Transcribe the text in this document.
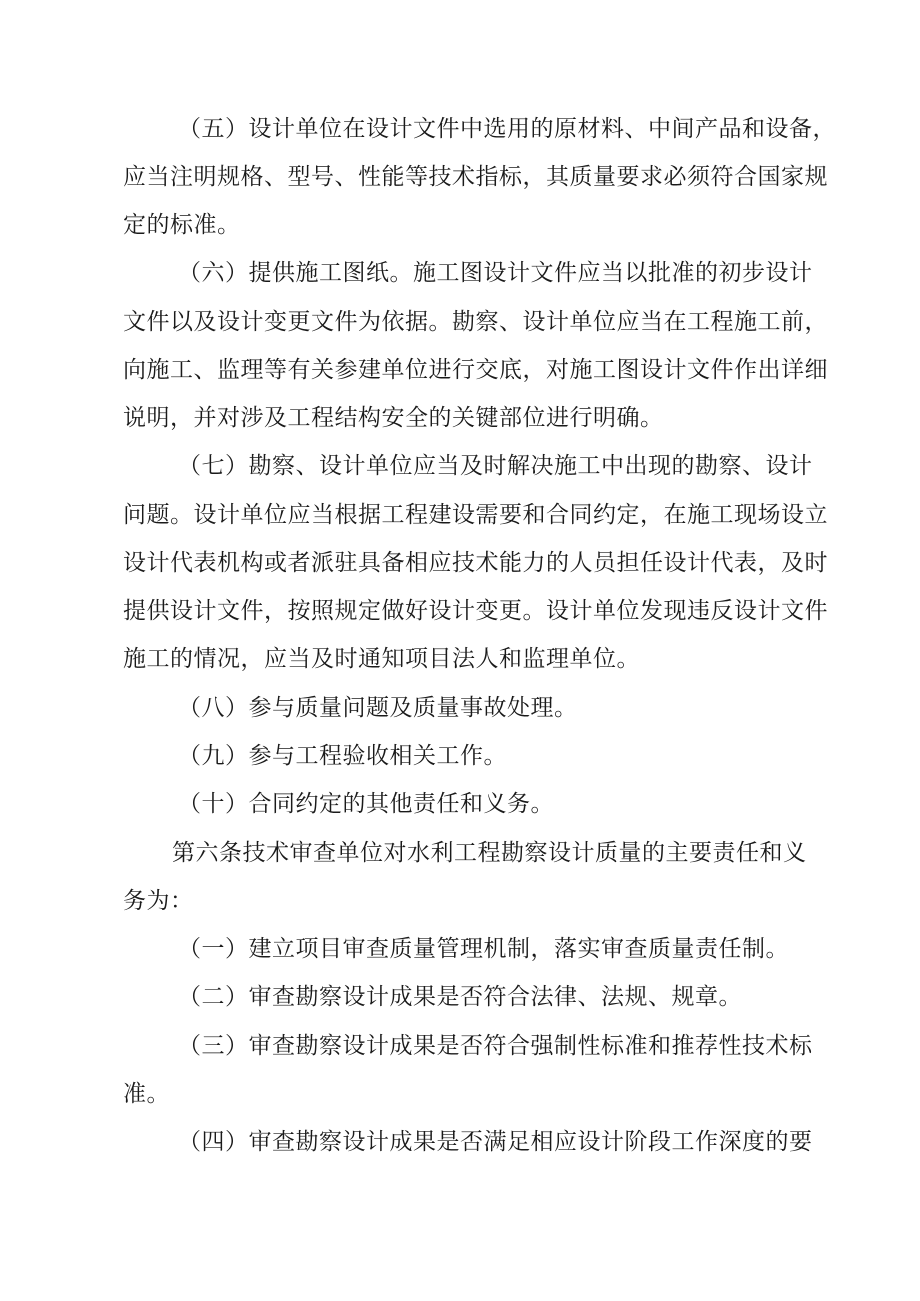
（五）设计单位在设计文件中选用的原材料、中间产品和设备，
应当注明规格、型号、性能等技术指标，其质量要求必须符合国家规
定的标准。
（六）提供施工图纸。施工图设计文件应当以批准的初步设计
文件以及设计变更文件为依据。勘察、设计单位应当在工程施工前，
向施工、监理等有关参建单位进行交底，对施工图设计文件作出详细
说明，并对涉及工程结构安全的关键部位进行明确。
（七）勘察、设计单位应当及时解决施工中出现的勘察、设计
问题。设计单位应当根据工程建设需要和合同约定，在施工现场设立
设计代表机构或者派驻具备相应技术能力的人员担任设计代表，及时
提供设计文件，按照规定做好设计变更。设计单位发现违反设计文件
施工的情况，应当及时通知项目法人和监理单位。
（八）参与质量问题及质量事故处理。
（九）参与工程验收相关工作。
（十）合同约定的其他责任和义务。
第六条技术审查单位对水利工程勘察设计质量的主要责任和义
务为：
（一）建立项目审查质量管理机制，落实审查质量责任制。
（二）审查勘察设计成果是否符合法律、法规、规章。
（三）审查勘察设计成果是否符合强制性标准和推荐性技术标
准。
（四）审查勘察设计成果是否满足相应设计阶段工作深度的要
